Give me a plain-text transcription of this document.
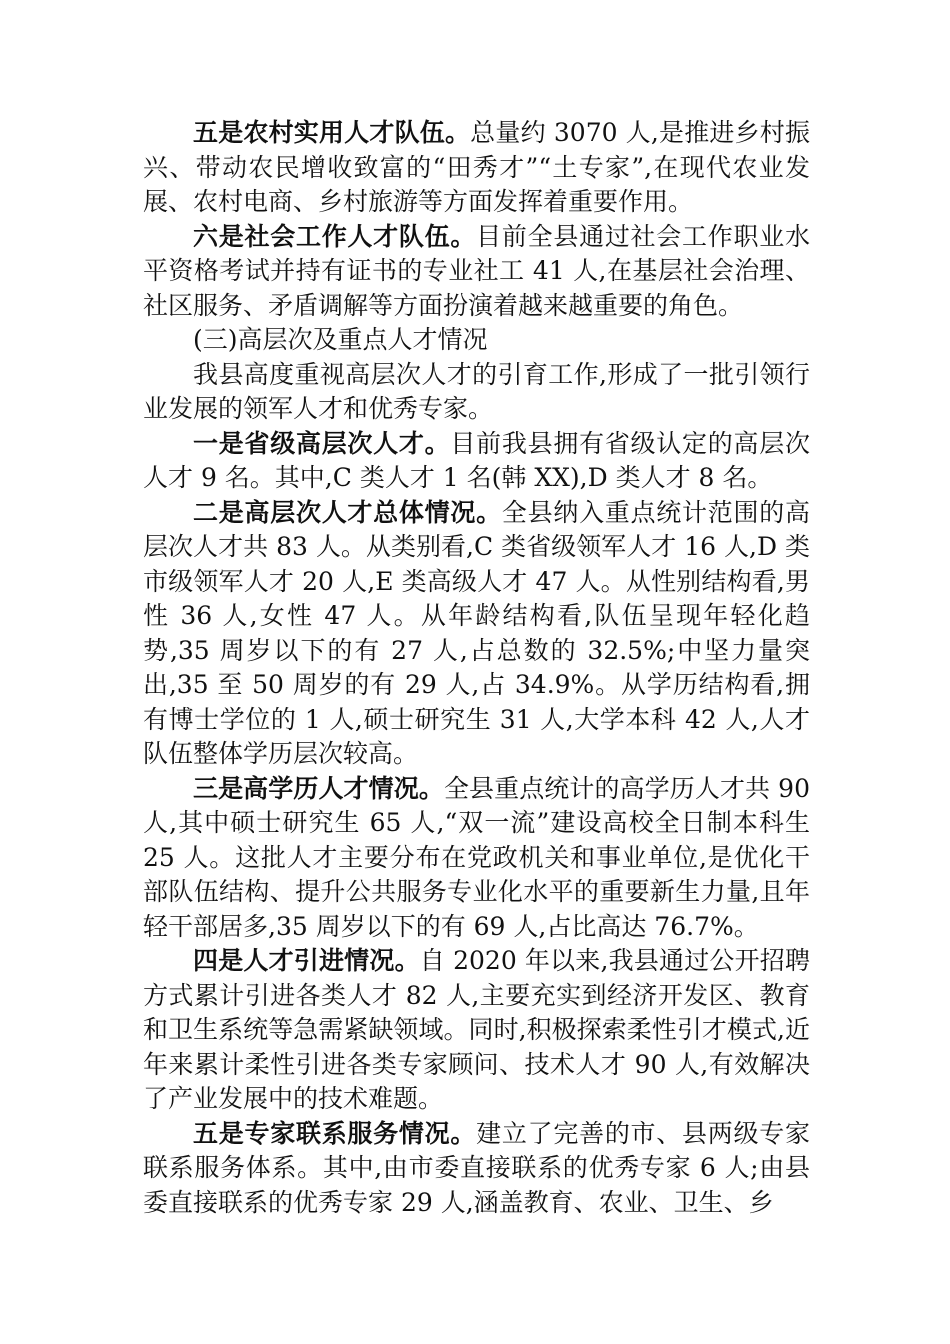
五是农村实用人才队伍。总量约 3070 人,是推进乡村振兴、带动农民增收致富的“田秀才”“土专家”,在现代农业发展、农村电商、乡村旅游等方面发挥着重要作用。

六是社会工作人才队伍。目前全县通过社会工作职业水平资格考试并持有证书的专业社工 41 人,在基层社会治理、社区服务、矛盾调解等方面扮演着越来越重要的角色。

(三)高层次及重点人才情况

我县高度重视高层次人才的引育工作,形成了一批引领行业发展的领军人才和优秀专家。

一是省级高层次人才。目前我县拥有省级认定的高层次人才 9 名。其中,C 类人才 1 名(韩 XX),D 类人才 8 名。

二是高层次人才总体情况。全县纳入重点统计范围的高层次人才共 83 人。从类别看,C 类省级领军人才 16 人,D 类市级领军人才 20 人,E 类高级人才 47 人。从性别结构看,男性 36 人,女性 47 人。从年龄结构看,队伍呈现年轻化趋势,35 周岁以下的有 27 人,占总数的 32.5%;中坚力量突出,35 至 50 周岁的有 29 人,占 34.9%。从学历结构看,拥有博士学位的 1 人,硕士研究生 31 人,大学本科 42 人,人才队伍整体学历层次较高。

三是高学历人才情况。全县重点统计的高学历人才共 90 人,其中硕士研究生 65 人,“双一流”建设高校全日制本科生 25 人。这批人才主要分布在党政机关和事业单位,是优化干部队伍结构、提升公共服务专业化水平的重要新生力量,且年轻干部居多,35 周岁以下的有 69 人,占比高达 76.7%。

四是人才引进情况。自 2020 年以来,我县通过公开招聘方式累计引进各类人才 82 人,主要充实到经济开发区、教育和卫生系统等急需紧缺领域。同时,积极探索柔性引才模式,近年来累计柔性引进各类专家顾问、技术人才 90 人,有效解决了产业发展中的技术难题。

五是专家联系服务情况。建立了完善的市、县两级专家联系服务体系。其中,由市委直接联系的优秀专家 6 人;由县委直接联系的优秀专家 29 人,涵盖教育、农业、卫生、乡
